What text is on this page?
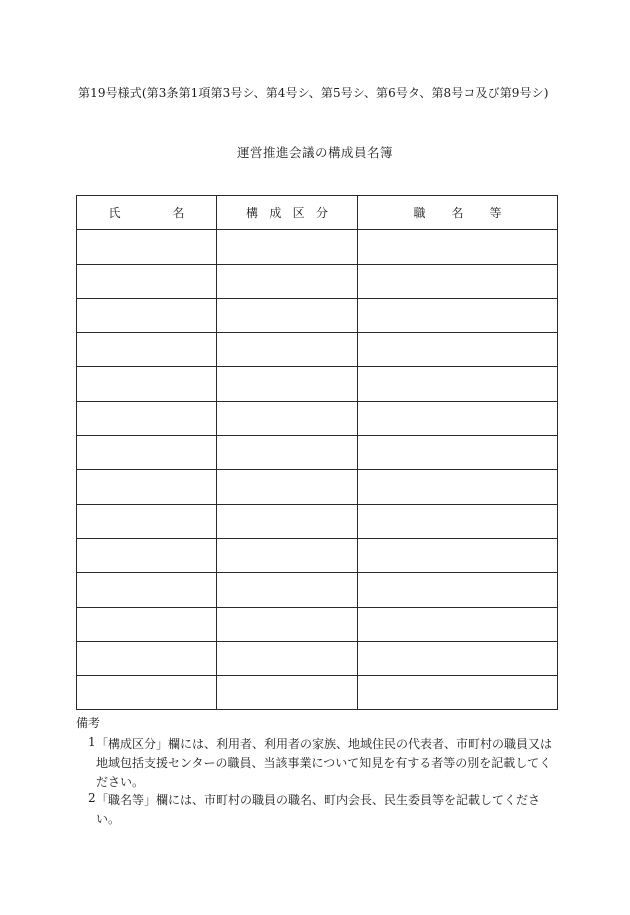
第19号様式(第3条第1項第3号シ、第4号シ、第5号シ、第6号タ、第8号コ及び第9号シ)
運営推進会議の構成員名簿
氏 名	構 成 区 分	職 名 等

備考
1 「構成区分」欄には、利用者、利用者の家族、地域住民の代表者、市町村の職員又は地域包括支援センターの職員、当該事業について知見を有する者等の別を記載してください。
2 「職名等」欄には、市町村の職員の職名、町内会長、民生委員等を記載してください。
